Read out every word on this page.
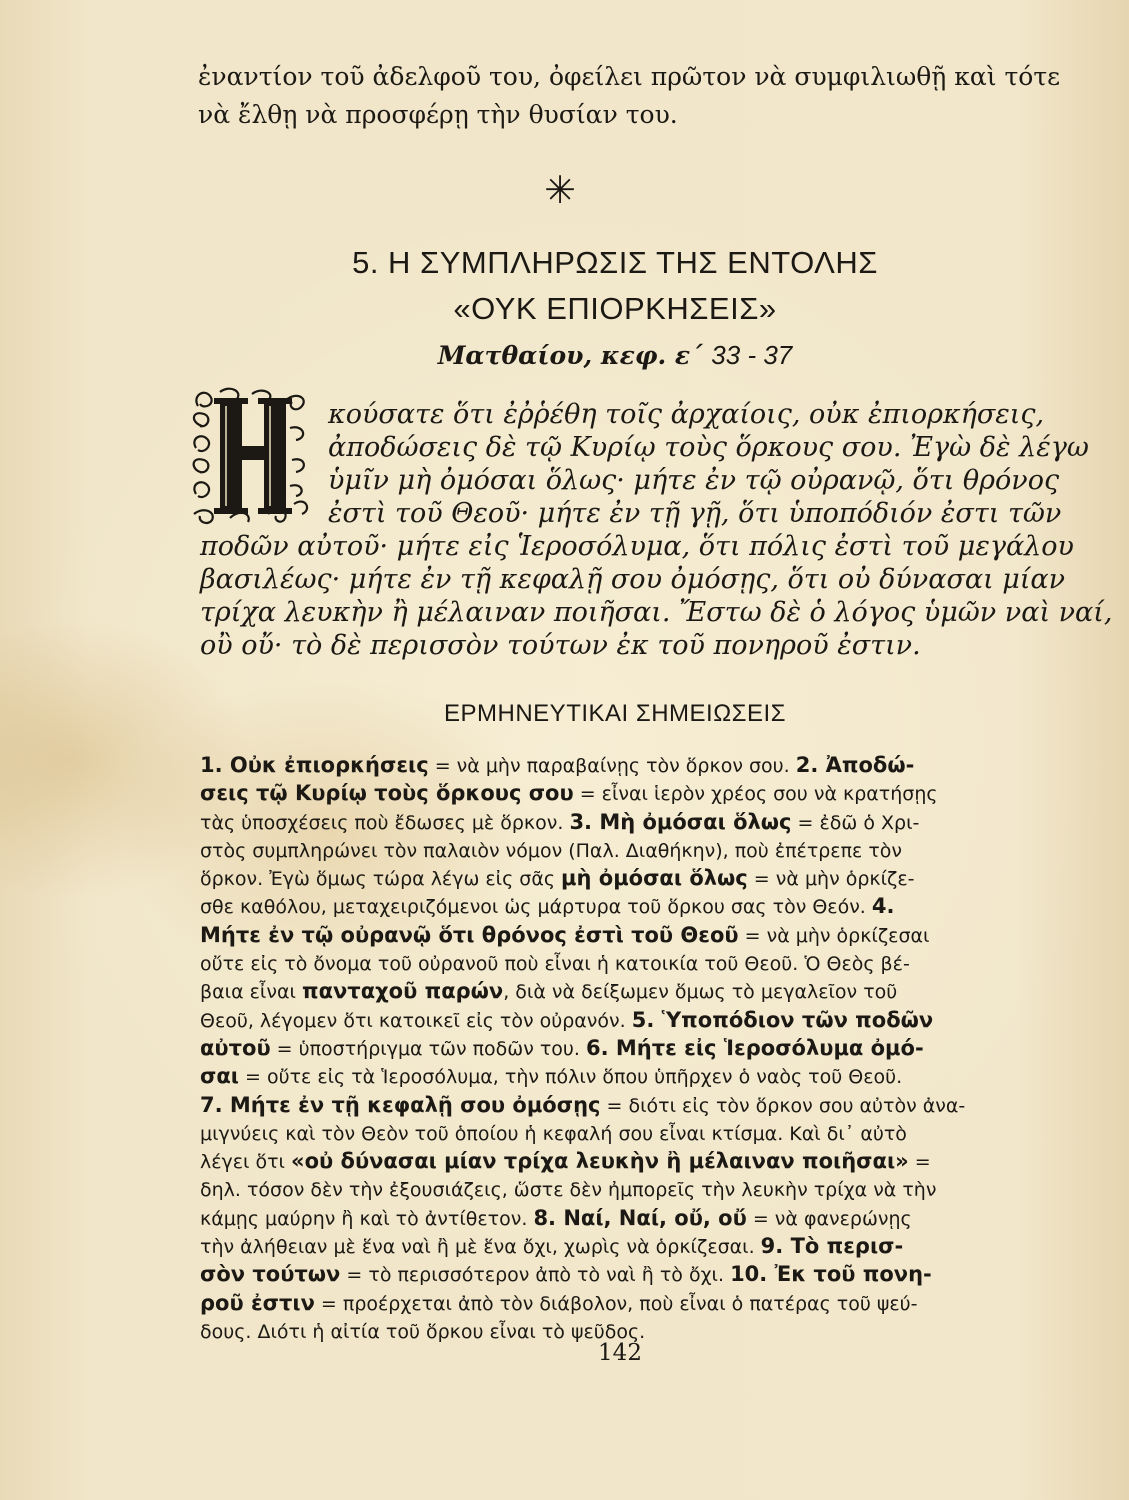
ἐναντίον τοῦ ἀδελφοῦ του, ὀφείλει πρῶτον νὰ συμφιλιωθῇ καὶ τότε
νὰ ἔλθῃ νὰ προσφέρῃ τὴν θυσίαν του.
✳
5. Η ΣΥΜΠΛΗΡΩΣΙΣ ΤΗΣ ΕΝΤΟΛΗΣ
«ΟΥΚ ΕΠΙΟΡΚΗΣΕΙΣ»
Ματθαίου, κεφ. ε΄ 33 - 37
Η
κούσατε ὅτι ἐῤῥέθη τοῖς ἀρχαίοις, οὐκ ἐπιορκήσεις,
ἀποδώσεις δὲ τῷ Κυρίῳ τοὺς ὅρκους σου. Ἐγὼ δὲ λέγω
ὑμῖν μὴ ὀμόσαι ὅλως· μήτε ἐν τῷ οὐρανῷ, ὅτι θρόνος
ἐστὶ τοῦ Θεοῦ· μήτε ἐν τῇ γῇ, ὅτι ὑποπόδιόν ἐστι τῶν
ποδῶν αὐτοῦ· μήτε εἰς Ἱεροσόλυμα, ὅτι πόλις ἐστὶ τοῦ μεγάλου
βασιλέως· μήτε ἐν τῇ κεφαλῇ σου ὀμόσῃς, ὅτι οὐ δύνασαι μίαν
τρίχα λευκὴν ἢ μέλαιναν ποιῆσαι. Ἔστω δὲ ὁ λόγος ὑμῶν ναὶ ναί,
οὒ οὔ· τὸ δὲ περισσὸν τούτων ἐκ τοῦ πονηροῦ ἐστιν.
ΕΡΜΗΝΕΥΤΙΚΑΙ ΣΗΜΕΙΩΣΕΙΣ
1. Οὐκ ἐπιορκήσεις = νὰ μὴν παραβαίνῃς τὸν ὅρκον σου. 2. Ἀποδώ-
σεις τῷ Κυρίῳ τοὺς ὅρκους σου = εἶναι ἱερὸν χρέος σου νὰ κρατήσῃς
τὰς ὑποσχέσεις ποὺ ἔδωσες μὲ ὅρκον. 3. Μὴ ὀμόσαι ὅλως = ἐδῶ ὁ Χρι-
στὸς συμπληρώνει τὸν παλαιὸν νόμον (Παλ. Διαθήκην), ποὺ ἐπέτρεπε τὸν
ὅρκον. Ἐγὼ ὅμως τώρα λέγω εἰς σᾶς μὴ ὀμόσαι ὅλως = νὰ μὴν ὁρκίζε-
σθε καθόλου, μεταχειριζόμενοι ὡς μάρτυρα τοῦ ὅρκου σας τὸν Θεόν. 4.
Μήτε ἐν τῷ οὐρανῷ ὅτι θρόνος ἐστὶ τοῦ Θεοῦ = νὰ μὴν ὁρκίζεσαι
οὔτε εἰς τὸ ὄνομα τοῦ οὐρανοῦ ποὺ εἶναι ἡ κατοικία τοῦ Θεοῦ. Ὁ Θεὸς βέ-
βαια εἶναι πανταχοῦ παρών, διὰ νὰ δείξωμεν ὅμως τὸ μεγαλεῖον τοῦ
Θεοῦ, λέγομεν ὅτι κατοικεῖ εἰς τὸν οὐρανόν. 5. Ὑποπόδιον τῶν ποδῶν
αὐτοῦ = ὑποστήριγμα τῶν ποδῶν του. 6. Μήτε εἰς Ἱεροσόλυμα ὀμό-
σαι = οὔτε εἰς τὰ Ἱεροσόλυμα, τὴν πόλιν ὅπου ὑπῆρχεν ὁ ναὸς τοῦ Θεοῦ.
7. Μήτε ἐν τῇ κεφαλῇ σου ὀμόσῃς = διότι εἰς τὸν ὅρκον σου αὐτὸν ἀνα-
μιγνύεις καὶ τὸν Θεὸν τοῦ ὁποίου ἡ κεφαλή σου εἶναι κτίσμα. Καὶ δι᾿ αὐτὸ
λέγει ὅτι «οὐ δύνασαι μίαν τρίχα λευκὴν ἢ μέλαιναν ποιῆσαι» =
δηλ. τόσον δὲν τὴν ἐξουσιάζεις, ὥστε δὲν ἠμπορεῖς τὴν λευκὴν τρίχα νὰ τὴν
κάμῃς μαύρην ἢ καὶ τὸ ἀντίθετον. 8. Ναί, Ναί, οὔ, οὔ = νὰ φανερώνῃς
τὴν ἀλήθειαν μὲ ἕνα ναὶ ἢ μὲ ἕνα ὄχι, χωρὶς νὰ ὁρκίζεσαι. 9. Τὸ περισ-
σὸν τούτων = τὸ περισσότερον ἀπὸ τὸ ναὶ ἢ τὸ ὄχι. 10. Ἐκ τοῦ πονη-
ροῦ ἐστιν = προέρχεται ἀπὸ τὸν διάβολον, ποὺ εἶναι ὁ πατέρας τοῦ ψεύ-
δους. Διότι ἡ αἰτία τοῦ ὅρκου εἶναι τὸ ψεῦδος.
142
